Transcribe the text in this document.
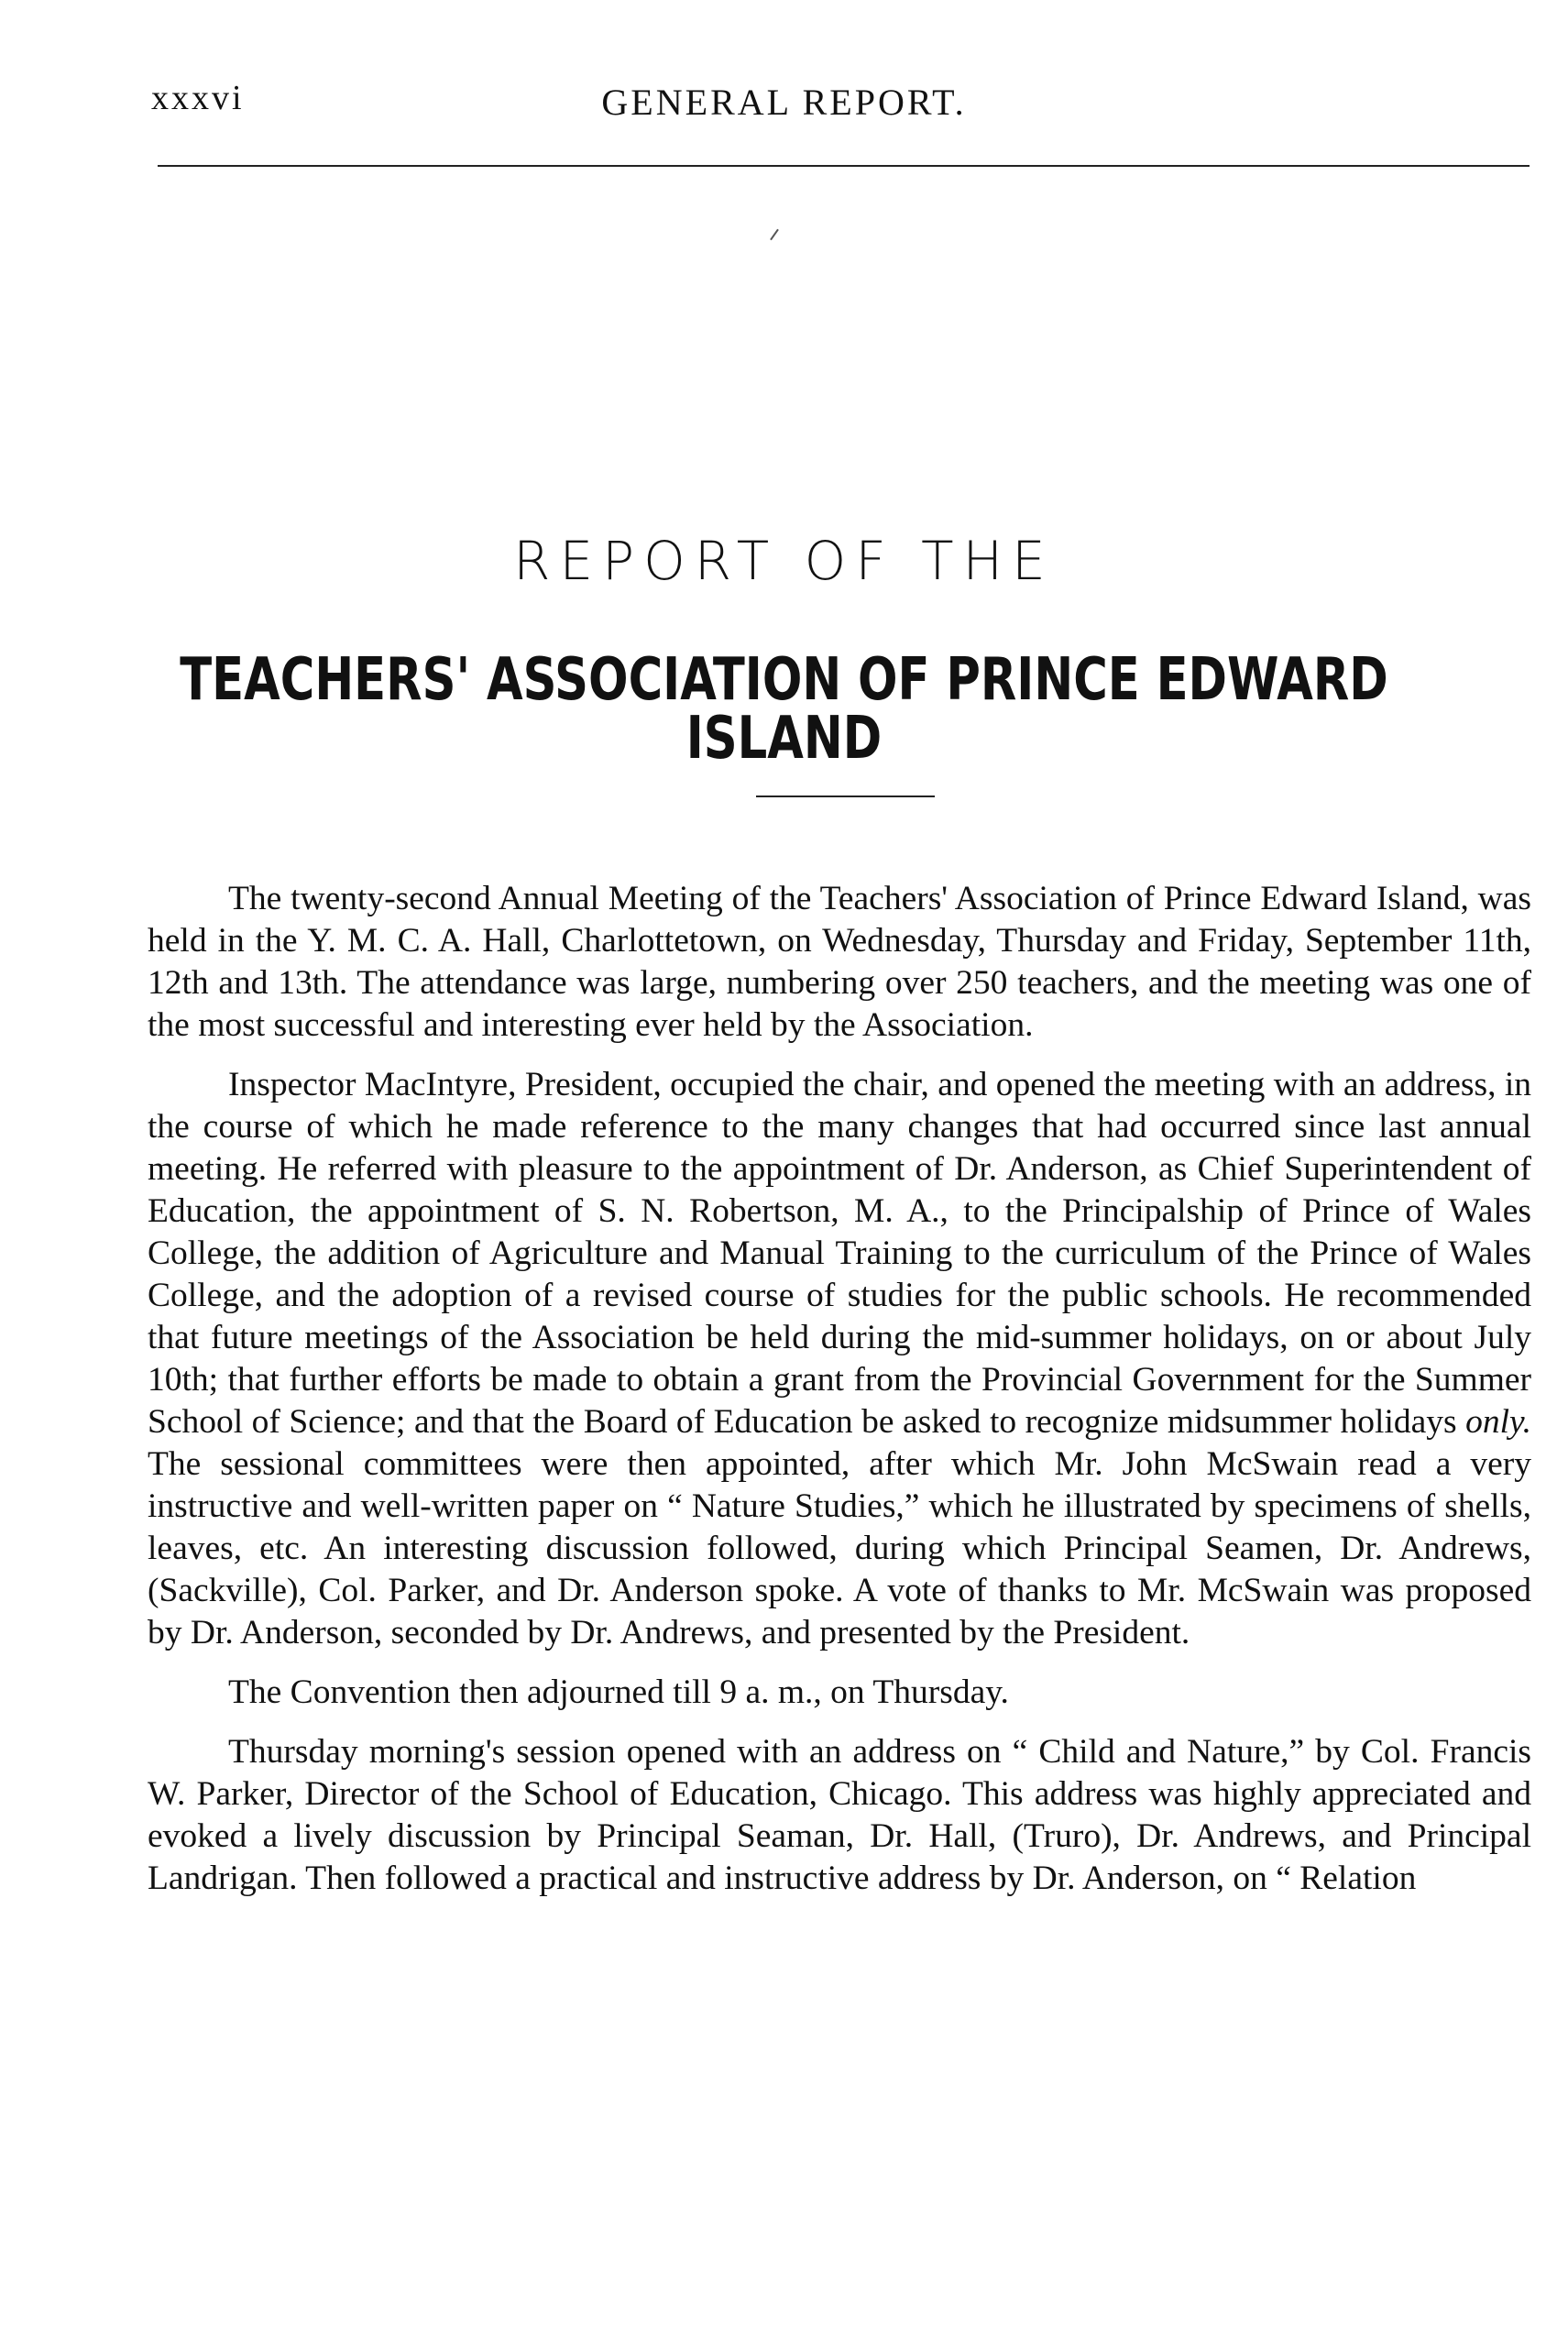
xxxvi	GENERAL REPORT.
REPORT OF THE
TEACHERS' ASSOCIATION OF PRINCE EDWARD ISLAND

The twenty-second Annual Meeting of the Teachers' Association of Prince Edward Island, was held in the Y. M. C. A. Hall, Charlottetown, on Wednesday, Thursday and Friday, September 11th, 12th and 13th. The attendance was large, numbering over 250 teachers, and the meeting was one of the most successful and interesting ever held by the Association.

Inspector MacIntyre, President, occupied the chair, and opened the meeting with an address, in the course of which he made reference to the many changes that had occurred since last annual meeting. He referred with pleasure to the appointment of Dr. Anderson, as Chief Superintendent of Education, the appointment of S. N. Robertson, M. A., to the Principalship of Prince of Wales College, the addition of Agriculture and Manual Training to the curriculum of the Prince of Wales College, and the adoption of a revised course of studies for the public schools. He recommended that future meetings of the Association be held during the mid-summer holidays, on or about July 10th; that further efforts be made to obtain a grant from the Provincial Government for the Summer School of Science; and that the Board of Education be asked to recognize midsummer holidays only. The sessional committees were then appointed, after which Mr. John McSwain read a very instructive and well-written paper on “ Nature Studies,” which he illustrated by specimens of shells, leaves, etc. An interesting discussion followed, during which Principal Seamen, Dr. Andrews, (Sackville), Col. Parker, and Dr. Anderson spoke. A vote of thanks to Mr. McSwain was proposed by Dr. Anderson, seconded by Dr. Andrews, and presented by the President.

The Convention then adjourned till 9 a. m., on Thursday.

Thursday morning's session opened with an address on “ Child and Nature,” by Col. Francis W. Parker, Director of the School of Education, Chicago. This address was highly appreciated and evoked a lively discussion by Principal Seaman, Dr. Hall, (Truro), Dr. Andrews, and Principal Landrigan. Then followed a practical and instructive address by Dr. Anderson, on “ Relation
